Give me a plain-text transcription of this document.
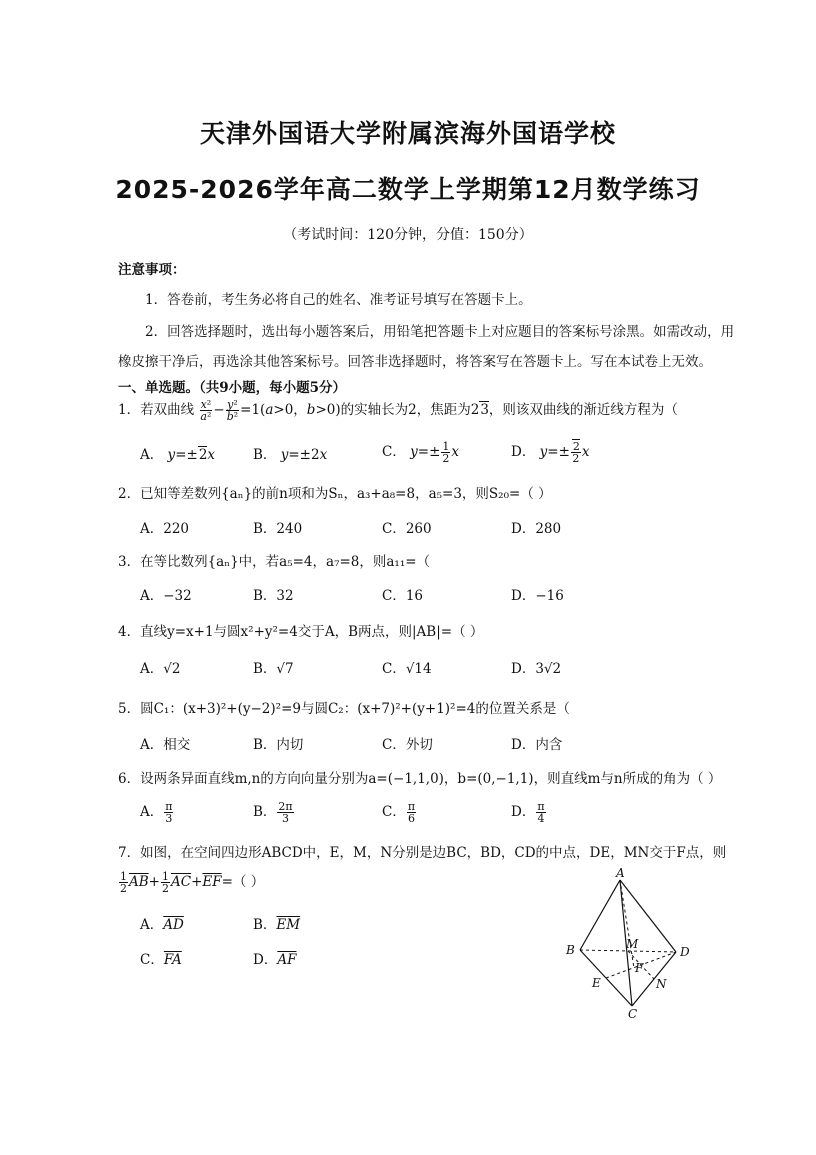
天津外国语大学附属滨海外国语学校
2025-2026学年高二数学上学期第12月数学练习
（考试时间：120分钟，分值：150分）
注意事项：
1．答卷前，考生务必将自己的姓名、准考证号填写在答题卡上。
2．回答选择题时，选出每小题答案后，用铅笔把答题卡上对应题目的答案标号涂黑。如需改动，用
橡皮擦干净后，再选涂其他答案标号。回答非选择题时，将答案写在答题卡上。写在本试卷上无效。
一、单选题。（共9小题，每小题5分）
1．若双曲线 $\frac{\text{x²}}{\text{a²}} - \frac{\text{y²}}{\text{b²}} =1(a>0$，b>0)的实轴长为2，焦距为23，则该双曲线的渐近线方程为（
A． y=±2x	B． y=±2x	C． $y=\pm \frac{1}{2}$ x	D． $y=\pm \frac{2}{2}$ x
2．已知等差数列{aₙ}的前n项和为Sₙ，a₃+a₈=8，a₅=3，则S₂₀=（ ）
A．220	B．240	C．260	D．280
3．在等比数列{aₙ}中，若a₅=4，a₇=8，则a₁₁=（
A．−32	B．32	C．16	D．−16
4．直线y=x+1与圆x²+y²=4交于A，B两点，则|AB|=（ ）
A．√2	B．√7	C．√14	D．3√2
5．圆C₁：(x+3)²+(y−2)²=9与圆C₂：(x+7)²+(y+1)²=4的位置关系是（
A．相交	B．内切	C．外切	D．内含
6．设两条异面直线m,n的方向向量分别为a=(−1,1,0)，b=(0,−1,1)，则直线m与n所成的角为（ ）
A． $\frac{\pi}{3}$	B． $\frac{2\pi}{3}$	C． $\frac{\pi}{6}$	D． $\frac{\pi}{4}$
7．如图，在空间四边形ABCD中，E，M，N分别是边BC，BD，CD的中点，DE，MN交于F点，则
$\frac{1}{2} \overline{AB}+ \frac{1}{2} \overline{AC}+\overline{EF}=$（ ）
A．$\overline{AD}$	B．$\overline{EM}$
C．$\overline{FA}$	D．$\overline{AF}$
A
B
C
D
E
M
N
F
